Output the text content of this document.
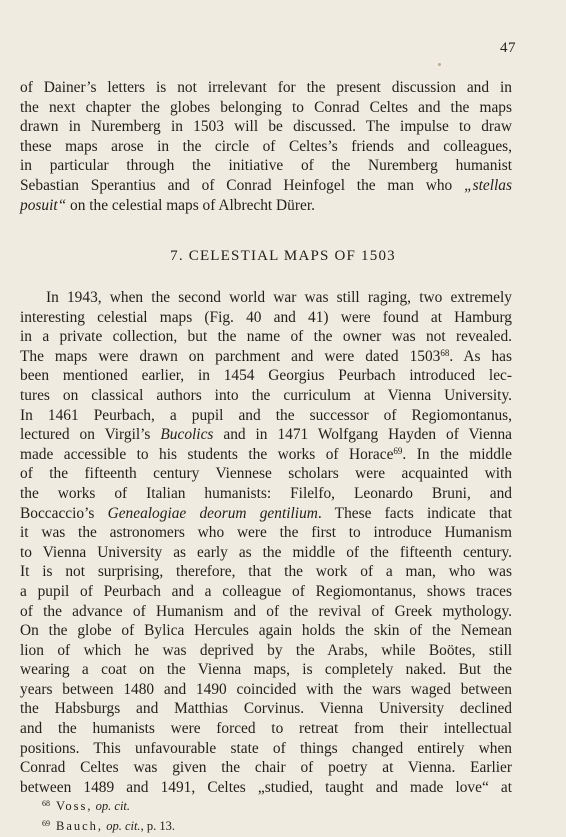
47
of Dainer’s letters is not irrelevant for the present discussion and in
the next chapter the globes belonging to Conrad Celtes and the maps
drawn in Nuremberg in 1503 will be discussed. The impulse to draw
these maps arose in the circle of Celtes’s friends and colleagues,
in particular through the initiative of the Nuremberg humanist
Sebastian Sperantius and of Conrad Heinfogel the man who „stellas
posuit“ on the celestial maps of Albrecht Dürer.
7. CELESTIAL MAPS OF 1503
In 1943, when the second world war was still raging, two extremely
interesting celestial maps (Fig. 40 and 41) were found at Hamburg
in a private collection, but the name of the owner was not revealed.
The maps were drawn on parchment and were dated 1503$^{68}$. As has
been mentioned earlier, in 1454 Georgius Peurbach introduced lec-
tures on classical authors into the curriculum at Vienna University.
In 1461 Peurbach, a pupil and the successor of Regiomontanus,
lectured on Virgil’s Bucolics and in 1471 Wolfgang Hayden of Vienna
made accessible to his students the works of Horace$^{69}$. In the middle
of the fifteenth century Viennese scholars were acquainted with
the works of Italian humanists: Filelfo, Leonardo Bruni, and
Boccaccio’s Genealogiae deorum gentilium. These facts indicate that
it was the astronomers who were the first to introduce Humanism
to Vienna University as early as the middle of the fifteenth century.
It is not surprising, therefore, that the work of a man, who was
a pupil of Peurbach and a colleague of Regiomontanus, shows traces
of the advance of Humanism and of the revival of Greek mythology.
On the globe of Bylica Hercules again holds the skin of the Nemean
lion of which he was deprived by the Arabs, while Boötes, still
wearing a coat on the Vienna maps, is completely naked. But the
years between 1480 and 1490 coincided with the wars waged between
the Habsburgs and Matthias Corvinus. Vienna University declined
and the humanists were forced to retreat from their intellectual
positions. This unfavourable state of things changed entirely when
Conrad Celtes was given the chair of poetry at Vienna. Earlier
between 1489 and 1491, Celtes „studied, taught and made love“ at
$^{68}$ Voss, op. cit.
$^{69}$ Bauch, op. cit., p. 13.
